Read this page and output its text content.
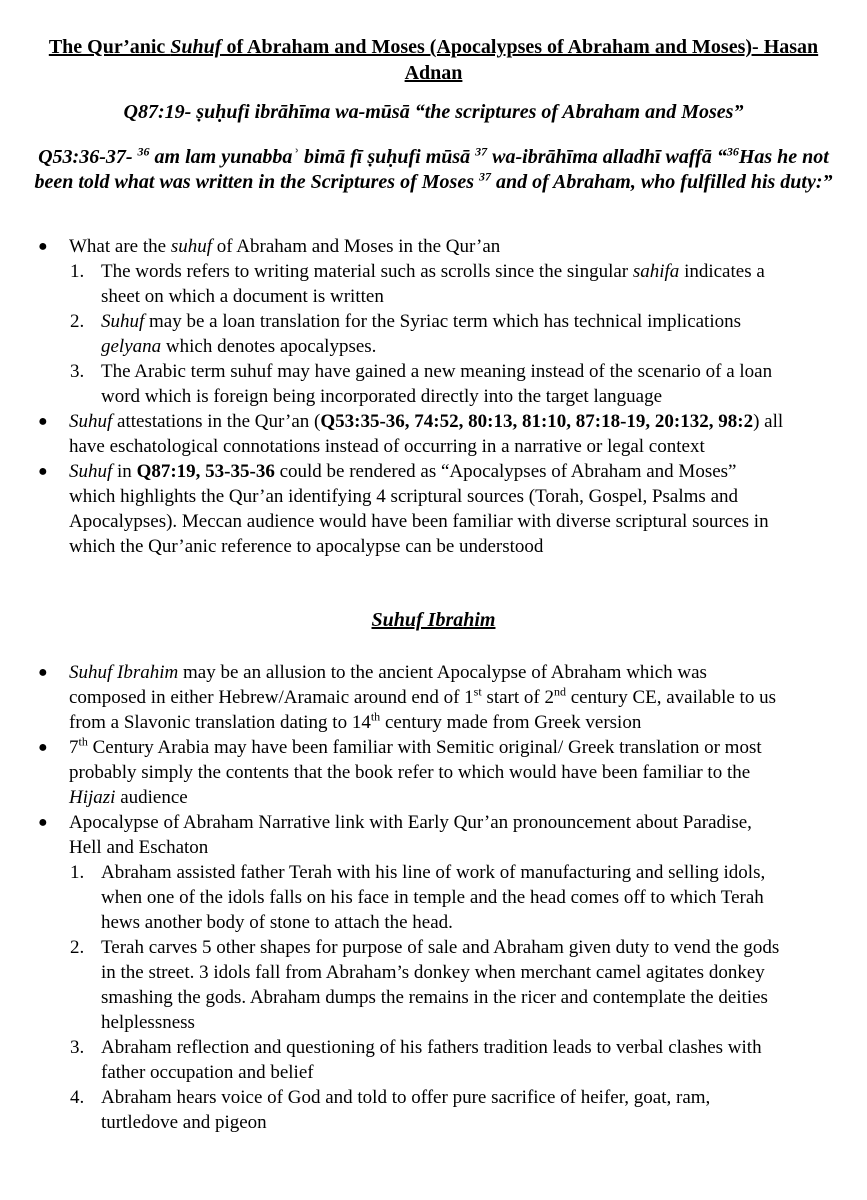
The Qur’anic Suhuf of Abraham and Moses (Apocalypses of Abraham and Moses)- Hasan Adnan
Q87:19- ṣuḥufi ibrāhīma wa-mūsā “the scriptures of Abraham and Moses”
Q53:36-37- $^{36}$ am lam yunabbaʾ bimā fī ṣuḥufi mūsā $^{37}$ wa-ibrāhīma alladhī waffā “$^{36}$Has he not been told what was written in the Scriptures of Moses $^{37}$ and of Abraham, who fulfilled his duty:”
● What are the suhuf of Abraham and Moses in the Qur’an
1. The words refers to writing material such as scrolls since the singular sahifa indicates a sheet on which a document is written
2. Suhuf may be a loan translation for the Syriac term which has technical implications gelyana which denotes apocalypses.
3. The Arabic term suhuf may have gained a new meaning instead of the scenario of a loan word which is foreign being incorporated directly into the target language
● Suhuf attestations in the Qur’an (Q53:35-36, 74:52, 80:13, 81:10, 87:18-19, 20:132, 98:2) all have eschatological connotations instead of occurring in a narrative or legal context
● Suhuf in Q87:19, 53-35-36 could be rendered as “Apocalypses of Abraham and Moses” which highlights the Qur’an identifying 4 scriptural sources (Torah, Gospel, Psalms and Apocalypses). Meccan audience would have been familiar with diverse scriptural sources in which the Qur’anic reference to apocalypse can be understood
Suhuf Ibrahim
● Suhuf Ibrahim may be an allusion to the ancient Apocalypse of Abraham which was composed in either Hebrew/Aramaic around end of 1st start of 2nd century CE, available to us from a Slavonic translation dating to 14th century made from Greek version
● 7th Century Arabia may have been familiar with Semitic original/ Greek translation or most probably simply the contents that the book refer to which would have been familiar to the Hijazi audience
● Apocalypse of Abraham Narrative link with Early Qur’an pronouncement about Paradise, Hell and Eschaton
1. Abraham assisted father Terah with his line of work of manufacturing and selling idols, when one of the idols falls on his face in temple and the head comes off to which Terah hews another body of stone to attach the head.
2. Terah carves 5 other shapes for purpose of sale and Abraham given duty to vend the gods in the street. 3 idols fall from Abraham’s donkey when merchant camel agitates donkey smashing the gods. Abraham dumps the remains in the ricer and contemplate the deities helplessness
3. Abraham reflection and questioning of his fathers tradition leads to verbal clashes with father occupation and belief
4. Abraham hears voice of God and told to offer pure sacrifice of heifer, goat, ram, turtledove and pigeon
